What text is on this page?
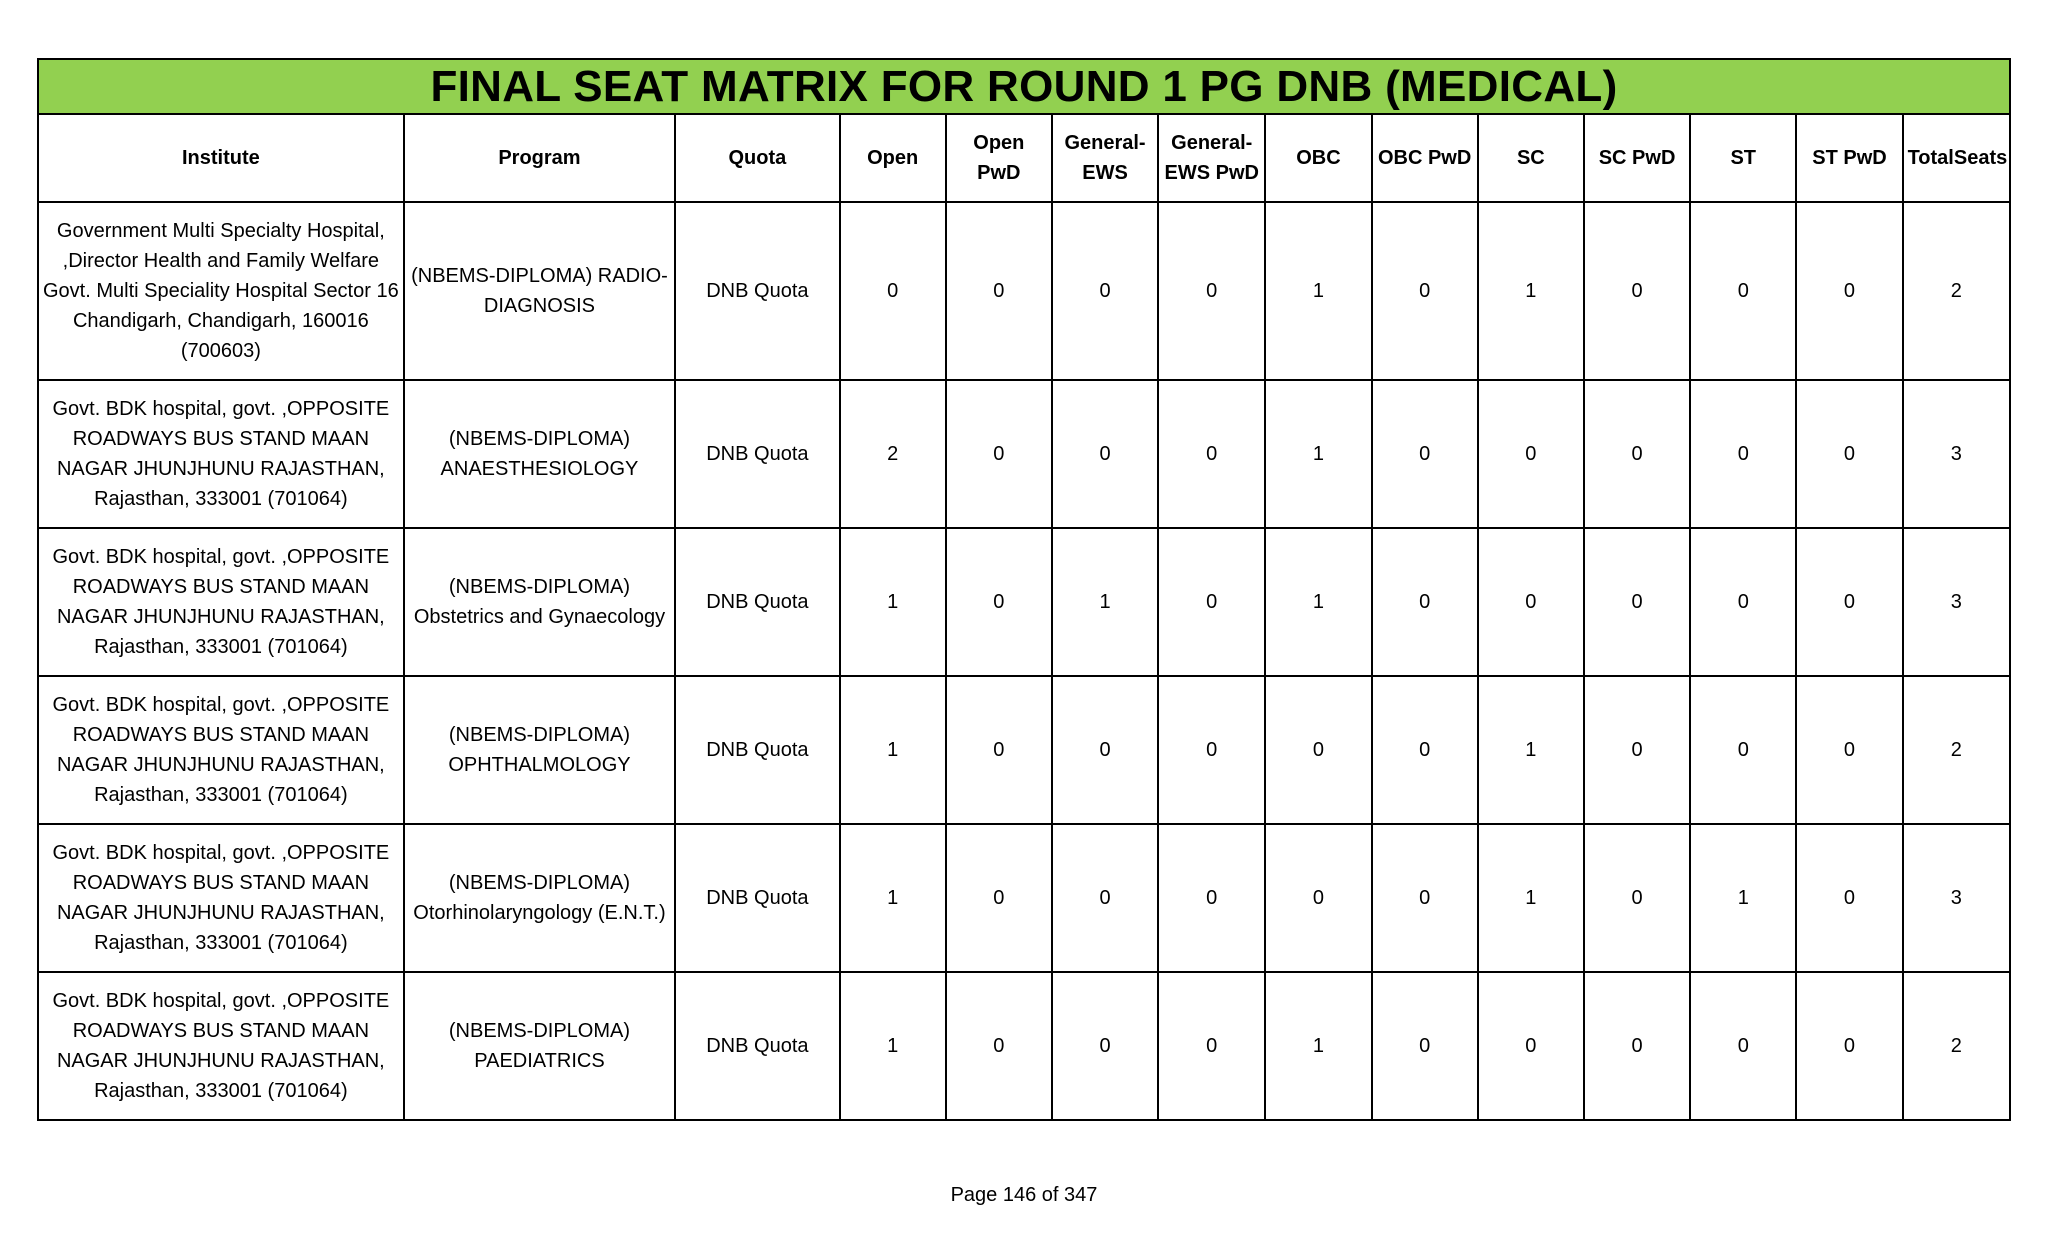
FINAL SEAT MATRIX FOR ROUND 1 PG DNB (MEDICAL)													
Institute	Program	Quota	Open	Open PwD	General-EWS	General-EWS PwD	OBC	OBC PwD	SC	SC PwD	ST	ST PwD	TotalSeats
Government Multi Specialty Hospital, ,Director Health and Family Welfare Govt. Multi Speciality Hospital Sector 16 Chandigarh, Chandigarh, 160016 (700603)	(NBEMS-DIPLOMA) RADIO-DIAGNOSIS	DNB Quota	0	0	0	0	1	0	1	0	0	0	2
Govt. BDK hospital, govt. ,OPPOSITE ROADWAYS BUS STAND MAAN NAGAR JHUNJHUNU RAJASTHAN, Rajasthan, 333001 (701064)	(NBEMS-DIPLOMA) ANAESTHESIOLOGY	DNB Quota	2	0	0	0	1	0	0	0	0	0	3
Govt. BDK hospital, govt. ,OPPOSITE ROADWAYS BUS STAND MAAN NAGAR JHUNJHUNU RAJASTHAN, Rajasthan, 333001 (701064)	(NBEMS-DIPLOMA) Obstetrics and Gynaecology	DNB Quota	1	0	1	0	1	0	0	0	0	0	3
Govt. BDK hospital, govt. ,OPPOSITE ROADWAYS BUS STAND MAAN NAGAR JHUNJHUNU RAJASTHAN, Rajasthan, 333001 (701064)	(NBEMS-DIPLOMA) OPHTHALMOLOGY	DNB Quota	1	0	0	0	0	0	1	0	0	0	2
Govt. BDK hospital, govt. ,OPPOSITE ROADWAYS BUS STAND MAAN NAGAR JHUNJHUNU RAJASTHAN, Rajasthan, 333001 (701064)	(NBEMS-DIPLOMA) Otorhinolaryngology (E.N.T.)	DNB Quota	1	0	0	0	0	0	1	0	1	0	3
Govt. BDK hospital, govt. ,OPPOSITE ROADWAYS BUS STAND MAAN NAGAR JHUNJHUNU RAJASTHAN, Rajasthan, 333001 (701064)	(NBEMS-DIPLOMA) PAEDIATRICS	DNB Quota	1	0	0	0	1	0	0	0	0	0	2
Page 146 of 347
